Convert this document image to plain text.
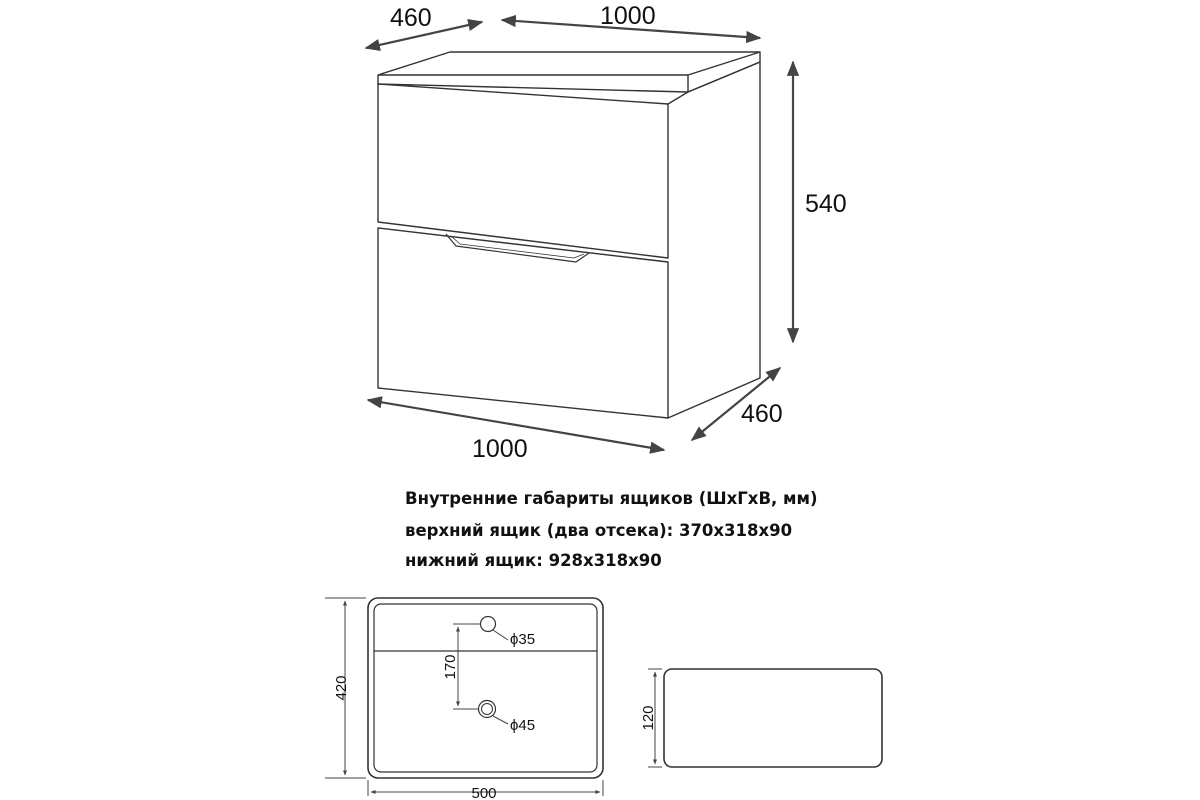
460	1000
540
460
1000
420
500
170
ϕ35
ϕ45	120
Внутренние габариты ящиков (ШхГхВ, мм)
верхний ящик (два отсека): 370x318x90
нижний ящик: 928x318x90
